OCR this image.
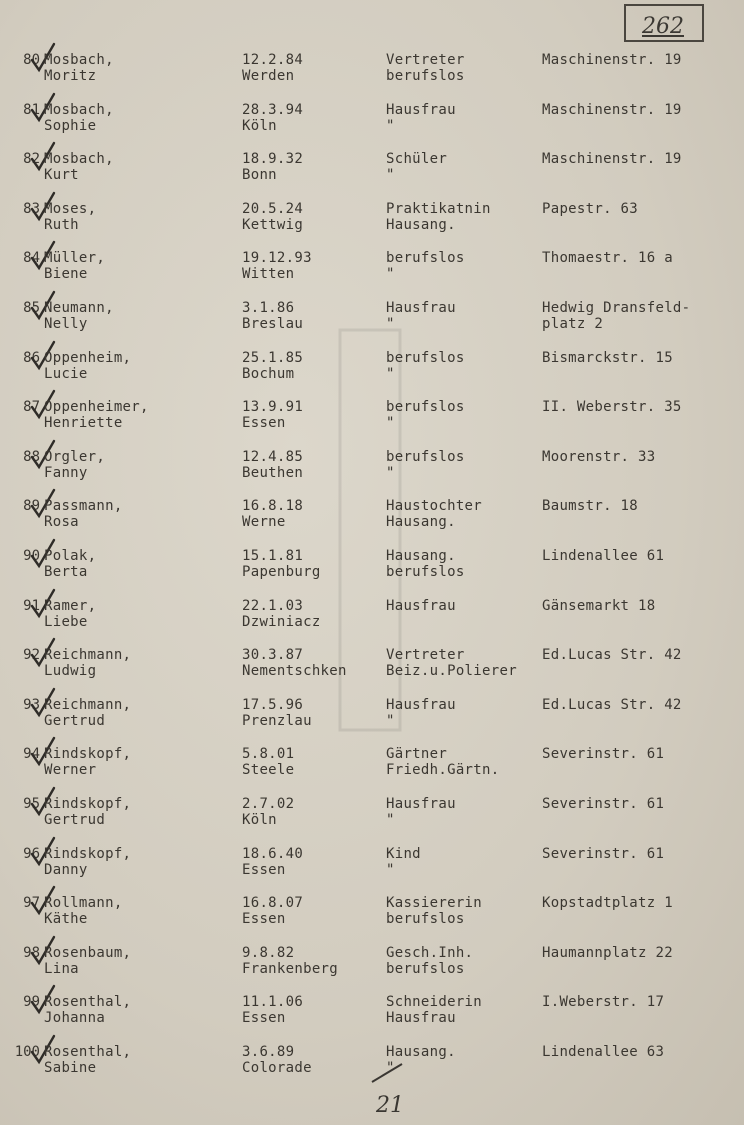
262
80 Mosbach,
Moritz
12.2.84
Werden
Vertreter
berufslos
Maschinenstr. 19
81 Mosbach,
Sophie
28.3.94
Köln
Hausfrau
"
Maschinenstr. 19
82 Mosbach,
Kurt
18.9.32
Bonn
Schüler
"
Maschinenstr. 19
83 Moses,
Ruth
20.5.24
Kettwig
Praktikatnin
Hausang.
Papestr. 63
84 Müller,
Biene
19.12.93
Witten
berufslos
"
Thomaestr. 16 a
85 Neumann,
Nelly
3.1.86
Breslau
Hausfrau
"
Hedwig Dransfeld-
platz 2
86 Oppenheim,
Lucie
25.1.85
Bochum
berufslos
"
Bismarckstr. 15
87 Oppenheimer,
Henriette
13.9.91
Essen
berufslos
"
II. Weberstr. 35
88 Orgler,
Fanny
12.4.85
Beuthen
berufslos
"
Moorenstr. 33
89 Passmann,
Rosa
16.8.18
Werne
Haustochter
Hausang.
Baumstr. 18
90 Polak,
Berta
15.1.81
Papenburg
Hausang.
berufslos
Lindenallee 61
91 Ramer,
Liebe
22.1.03
Dzwiniacz
Hausfrau	Gänsemarkt 18
92 Reichmann,
Ludwig
30.3.87
Nementschken
Vertreter
Beiz.u.Polierer
Ed.Lucas Str. 42
93 Reichmann,
Gertrud
17.5.96
Prenzlau
Hausfrau
"
Ed.Lucas Str. 42
94 Rindskopf,
Werner
5.8.01
Steele
Gärtner
Friedh.Gärtn.
Severinstr. 61
95 Rindskopf,
Gertrud
2.7.02
Köln
Hausfrau
"
Severinstr. 61
96 Rindskopf,
Danny
18.6.40
Essen
Kind
"
Severinstr. 61
97 Rollmann,
Käthe
16.8.07
Essen
Kassiererin
berufslos
Kopstadtplatz 1
98 Rosenbaum,
Lina
9.8.82
Frankenberg
Gesch.Inh.
berufslos
Haumannplatz 22
99 Rosenthal,
Johanna
11.1.06
Essen
Schneiderin
Hausfrau
I.Weberstr. 17
100 Rosenthal,
Sabine
3.6.89
Colorade
Hausang.
"
Lindenallee 63
21
